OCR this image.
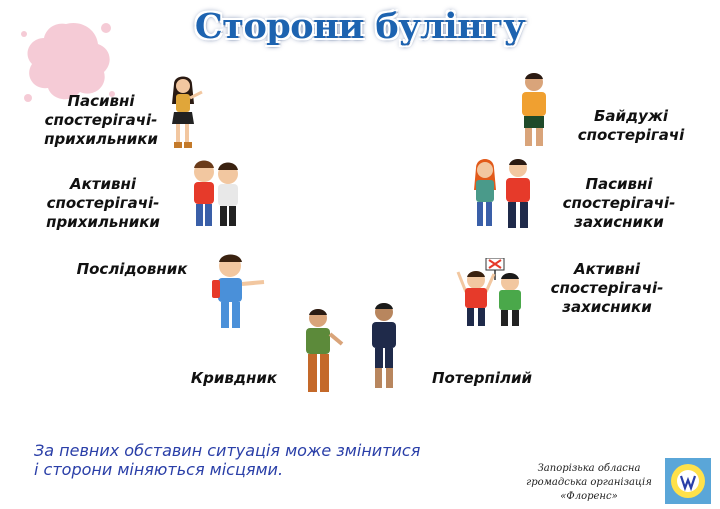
Сторони булінгу
Пасивні
спостерігачі-
прихильники
Активні
спостерігачі-
прихильники
Послідовник
Кривдник
Байдужі
спостерігачі
Пасивні
спостерігачі-
захисники
Активні
спостерігачі-
захисники
Потерпілий
За певних обставин ситуація може змінитися
і сторони міняються місцями.	Запорізька обласна
громадська організація
«Флоренс»
